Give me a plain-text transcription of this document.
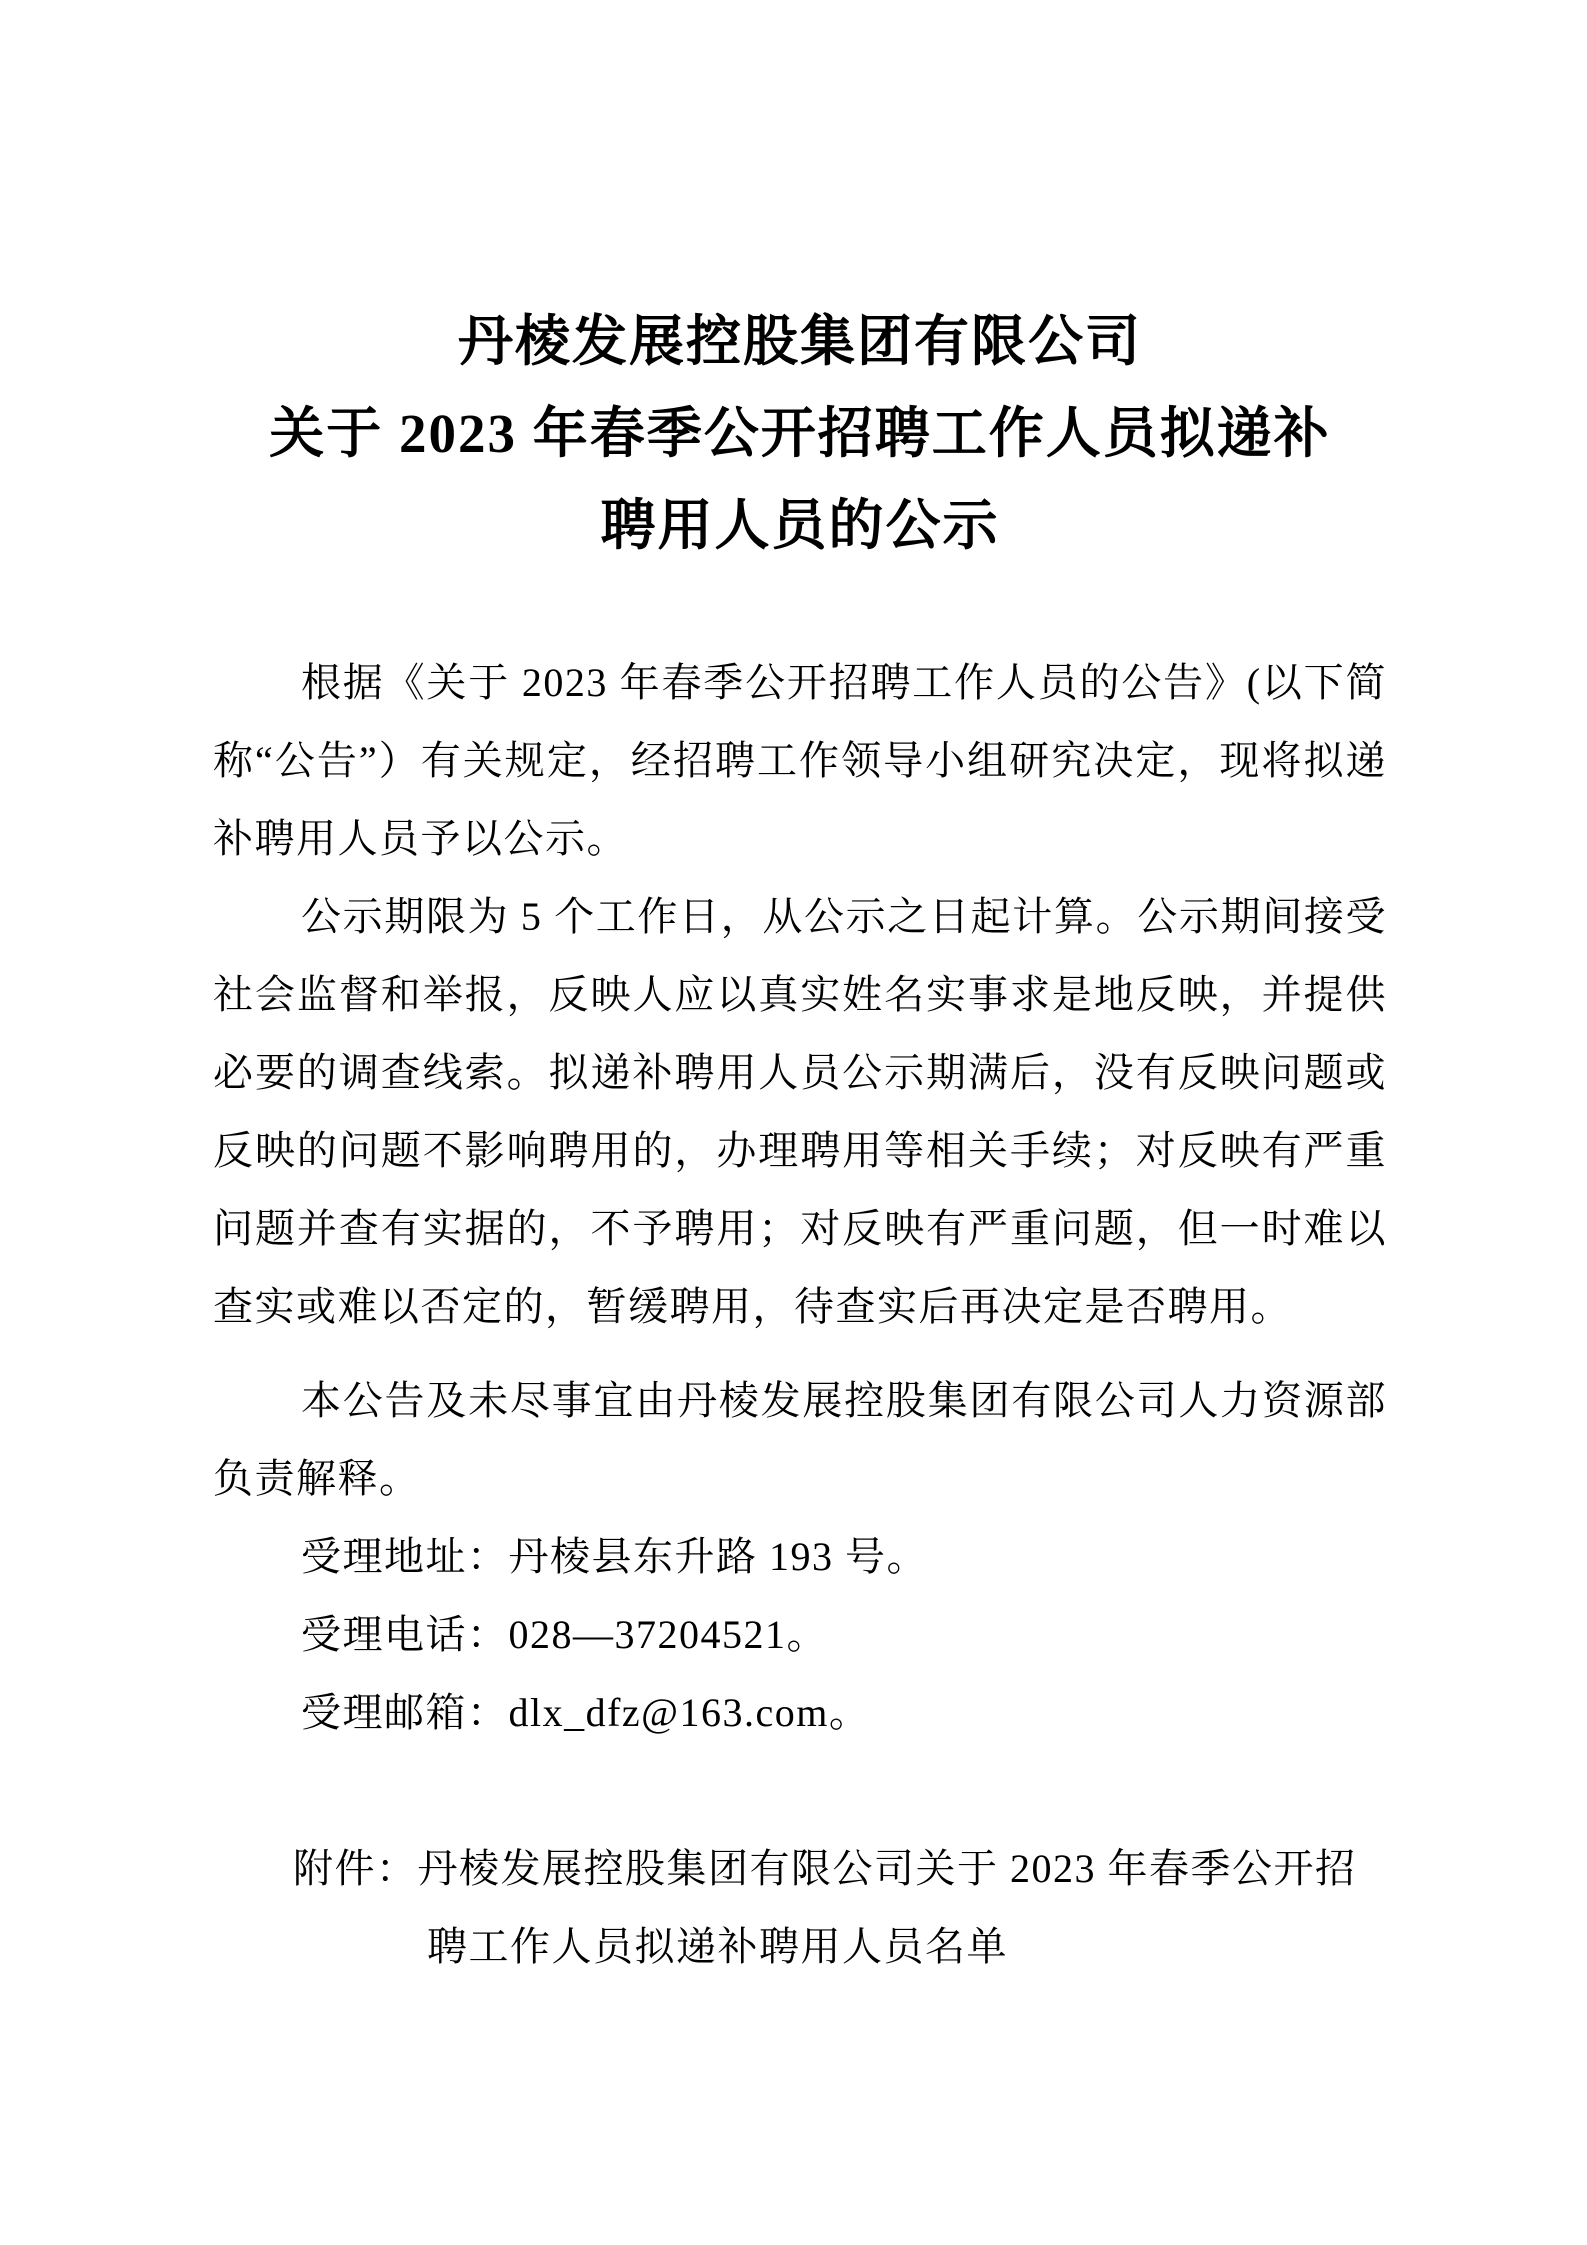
丹棱发展控股集团有限公司
关于 2023 年春季公开招聘工作人员拟递补
聘用人员的公示

根据《关于 2023 年春季公开招聘工作人员的公告》(以下简称“公告”）有关规定，经招聘工作领导小组研究决定，现将拟递补聘用人员予以公示。

公示期限为 5 个工作日，从公示之日起计算。公示期间接受社会监督和举报，反映人应以真实姓名实事求是地反映，并提供必要的调查线索。拟递补聘用人员公示期满后，没有反映问题或反映的问题不影响聘用的，办理聘用等相关手续；对反映有严重问题并查有实据的，不予聘用；对反映有严重问题，但一时难以查实或难以否定的，暂缓聘用，待查实后再决定是否聘用。

本公告及未尽事宜由丹棱发展控股集团有限公司人力资源部负责解释。

受理地址：丹棱县东升路 193 号。

受理电话：028—37204521。

受理邮箱：dlx_dfz@163.com。

附件：丹棱发展控股集团有限公司关于 2023 年春季公开招聘工作人员拟递补聘用人员名单
